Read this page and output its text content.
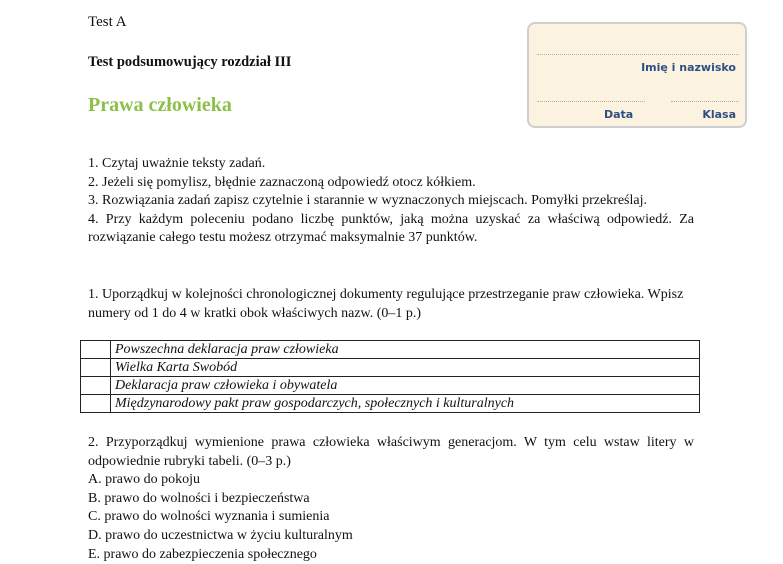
Test A
Test podsumowujący rozdział III
Prawa człowieka
Imię i nazwisko
Data	Klasa

1. Czytaj uważnie teksty zadań.

2. Jeżeli się pomylisz, błędnie zaznaczoną odpowiedź otocz kółkiem.

3. Rozwiązania zadań zapisz czytelnie i starannie w wyznaczonych miejscach. Pomyłki przekreślaj.

4. Przy każdym poleceniu podano liczbę punktów, jaką można uzyskać za właściwą odpowiedź. Za rozwiązanie całego testu możesz otrzymać maksymalnie 37 punktów.

1. Uporządkuj w kolejności chronologicznej dokumenty regulujące przestrzeganie praw człowieka. Wpisz numery od 1 do 4 w kratki obok właściwych nazw. (0–1 p.)

	Powszechna deklaracja praw człowieka
	Wielka Karta Swobód
	Deklaracja praw człowieka i obywatela
	Międzynarodowy pakt praw gospodarczych, społecznych i kulturalnych

2. Przyporządkuj wymienione prawa człowieka właściwym generacjom. W tym celu wstaw litery w odpowiednie rubryki tabeli. (0–3 p.)

A. prawo do pokoju
B. prawo do wolności i bezpieczeństwa
C. prawo do wolności wyznania i sumienia
D. prawo do uczestnictwa w życiu kulturalnym
E. prawo do zabezpieczenia społecznego
